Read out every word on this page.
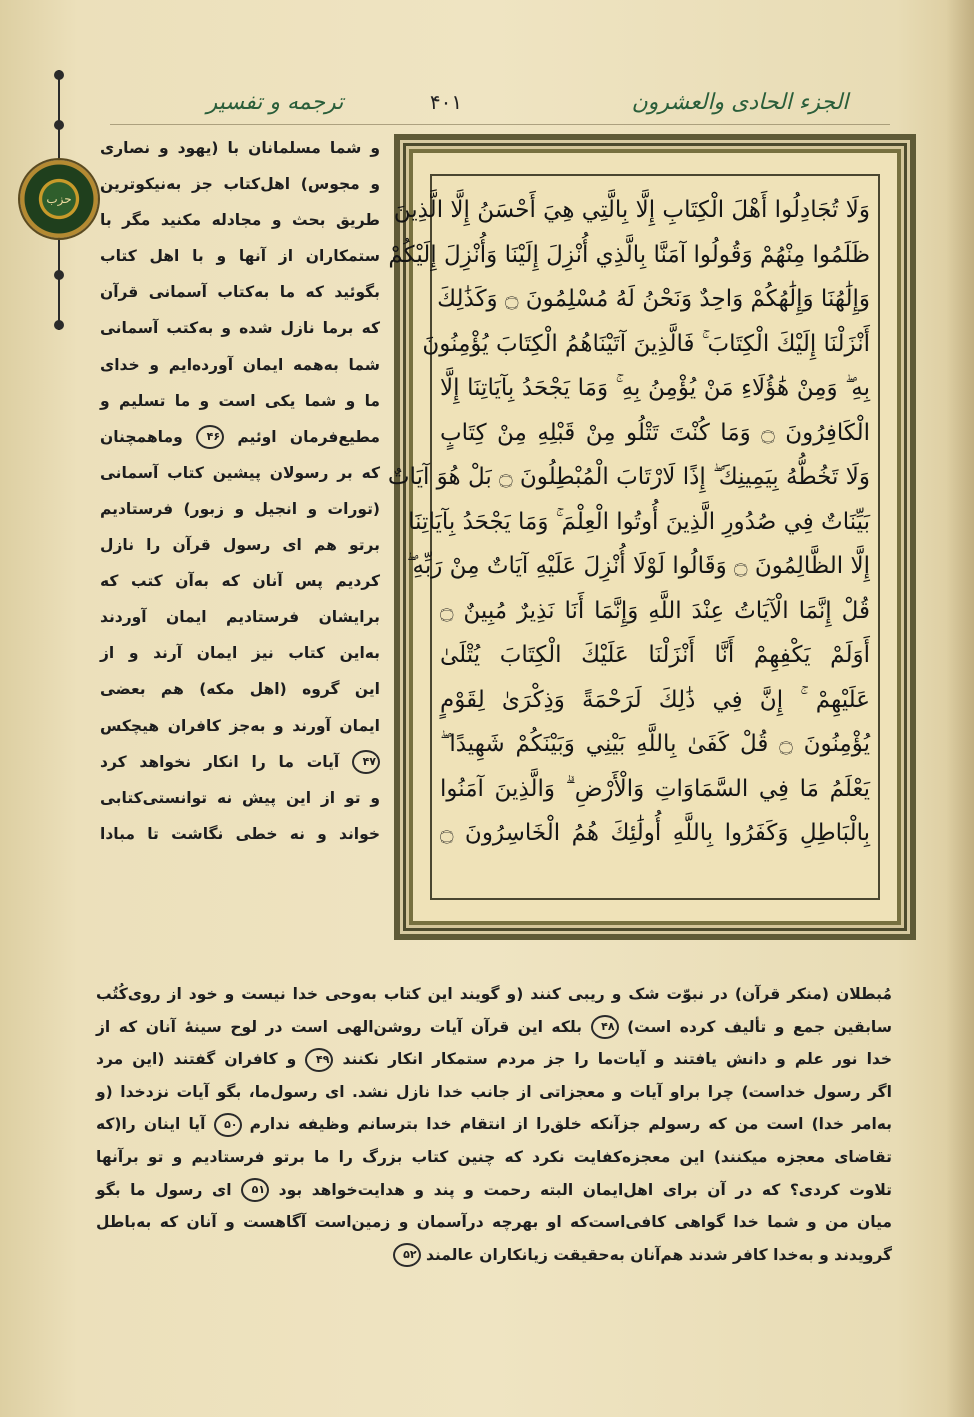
ترجمه و تفسیر	۴۰۱	الجزء الحادی والعشرون
حزب	وَلَا تُجَادِلُوا أَهْلَ الْكِتَابِ إِلَّا بِالَّتِي هِيَ أَحْسَنُ إِلَّا الَّذِينَ
ظَلَمُوا مِنْهُمْ وَقُولُوا آمَنَّا بِالَّذِي أُنْزِلَ إِلَيْنَا وَأُنْزِلَ إِلَيْكُمْ
وَإِلَٰهُنَا وَإِلَٰهُكُمْ وَاحِدٌ وَنَحْنُ لَهُ مُسْلِمُونَ ۝ وَكَذَٰلِكَ
أَنْزَلْنَا إِلَيْكَ الْكِتَابَ ۚ فَالَّذِينَ آتَيْنَاهُمُ الْكِتَابَ يُؤْمِنُونَ
بِهِ ۖ وَمِنْ هَٰؤُلَاءِ مَنْ يُؤْمِنُ بِهِ ۚ وَمَا يَجْحَدُ بِآيَاتِنَا إِلَّا
الْكَافِرُونَ ۝ وَمَا كُنْتَ تَتْلُو مِنْ قَبْلِهِ مِنْ كِتَابٍ
وَلَا تَخُطُّهُ بِيَمِينِكَ ۖ إِذًا لَارْتَابَ الْمُبْطِلُونَ ۝ بَلْ هُوَ آيَاتٌ
بَيِّنَاتٌ فِي صُدُورِ الَّذِينَ أُوتُوا الْعِلْمَ ۚ وَمَا يَجْحَدُ بِآيَاتِنَا
إِلَّا الظَّالِمُونَ ۝ وَقَالُوا لَوْلَا أُنْزِلَ عَلَيْهِ آيَاتٌ مِنْ رَبِّهِ ۖ
قُلْ إِنَّمَا الْآيَاتُ عِنْدَ اللَّهِ وَإِنَّمَا أَنَا نَذِيرٌ مُبِينٌ ۝
أَوَلَمْ يَكْفِهِمْ أَنَّا أَنْزَلْنَا عَلَيْكَ الْكِتَابَ يُتْلَىٰ
عَلَيْهِمْ ۚ إِنَّ فِي ذَٰلِكَ لَرَحْمَةً وَذِكْرَىٰ لِقَوْمٍ
يُؤْمِنُونَ ۝ قُلْ كَفَىٰ بِاللَّهِ بَيْنِي وَبَيْنَكُمْ شَهِيدًا ۖ
يَعْلَمُ مَا فِي السَّمَاوَاتِ وَالْأَرْضِ ۗ وَالَّذِينَ آمَنُوا
بِالْبَاطِلِ وَكَفَرُوا بِاللَّهِ أُولَٰئِكَ هُمُ الْخَاسِرُونَ ۝
و شما مسلمانان با (یهود و نصاری
و مجوس) اهل‌کتاب جز به‌نیکوترین
طریق بحث و مجادله مکنید مگر با
ستمکاران از آنها و با اهل کتاب
بگوئید که ما به‌کتاب آسمانی قرآن
که برما نازل شده و به‌کتب آسمانی
شما به‌همه ایمان آورده‌ایم و خدای
ما و شما یکی است و ما تسلیم و
مطیع‌فرمان اوئیم ۴۶ وماهمچنان
که بر رسولان پیشین کتاب آسمانی
(تورات و انجیل و زبور) فرستادیم
برتو هم ای رسول قرآن را نازل
کردیم پس آنان که به‌آن کتب که
برایشان فرستادیم ایمان آوردند
به‌این کتاب نیز ایمان آرند و از
این گروه (اهل مکه) هم بعضی
ایمان آورند و به‌جز کافران هیچکس
۴۷ آیات ما را انکار نخواهد کرد
و تو از این پیش نه توانستی‌کتابی
خواند و نه خطی نگاشت تا مبادا
مُبطلان (منکر قرآن) در نبوّت شک و ریبی کنند (و گویند این کتاب به‌وحی خدا نیست و خود از روی‌کُتُب
سابقین جمع و تألیف کرده است) ۴۸ بلکه این قرآن آیات روشن‌الهی است در لوح سینهٔ آنان که از
خدا نور علم و دانش یافتند و آیات‌ما را جز مردم ستمکار انکار نکنند ۴۹ و کافران گفتند (این مرد
اگر رسول خداست) چرا براو آیات و معجزاتی از جانب خدا نازل نشد. ای رسول‌ما، بگو آیات نزدخدا (و
به‌امر خدا) است من که رسولم جزآنکه خلق‌را از انتقام خدا بترسانم وظیفه ندارم ۵۰ آیا اینان را(که
تقاضای معجزه میکنند) این معجزه‌کفایت نکرد که چنین کتاب بزرگ را ما برتو فرستادیم و تو برآنها
تلاوت کردی؟ که در آن برای اهل‌ایمان البته رحمت و پند و هدایت‌خواهد بود ۵۱ ای رسول ما بگو
میان من و شما خدا گواهی کافی‌است‌که او بهرچه درآسمان و زمین‌است آگاهست و آنان که به‌باطل
گرویدند و به‌خدا کافر شدند هم‌آنان به‌حقیقت زیانکاران عالمند ۵۲
